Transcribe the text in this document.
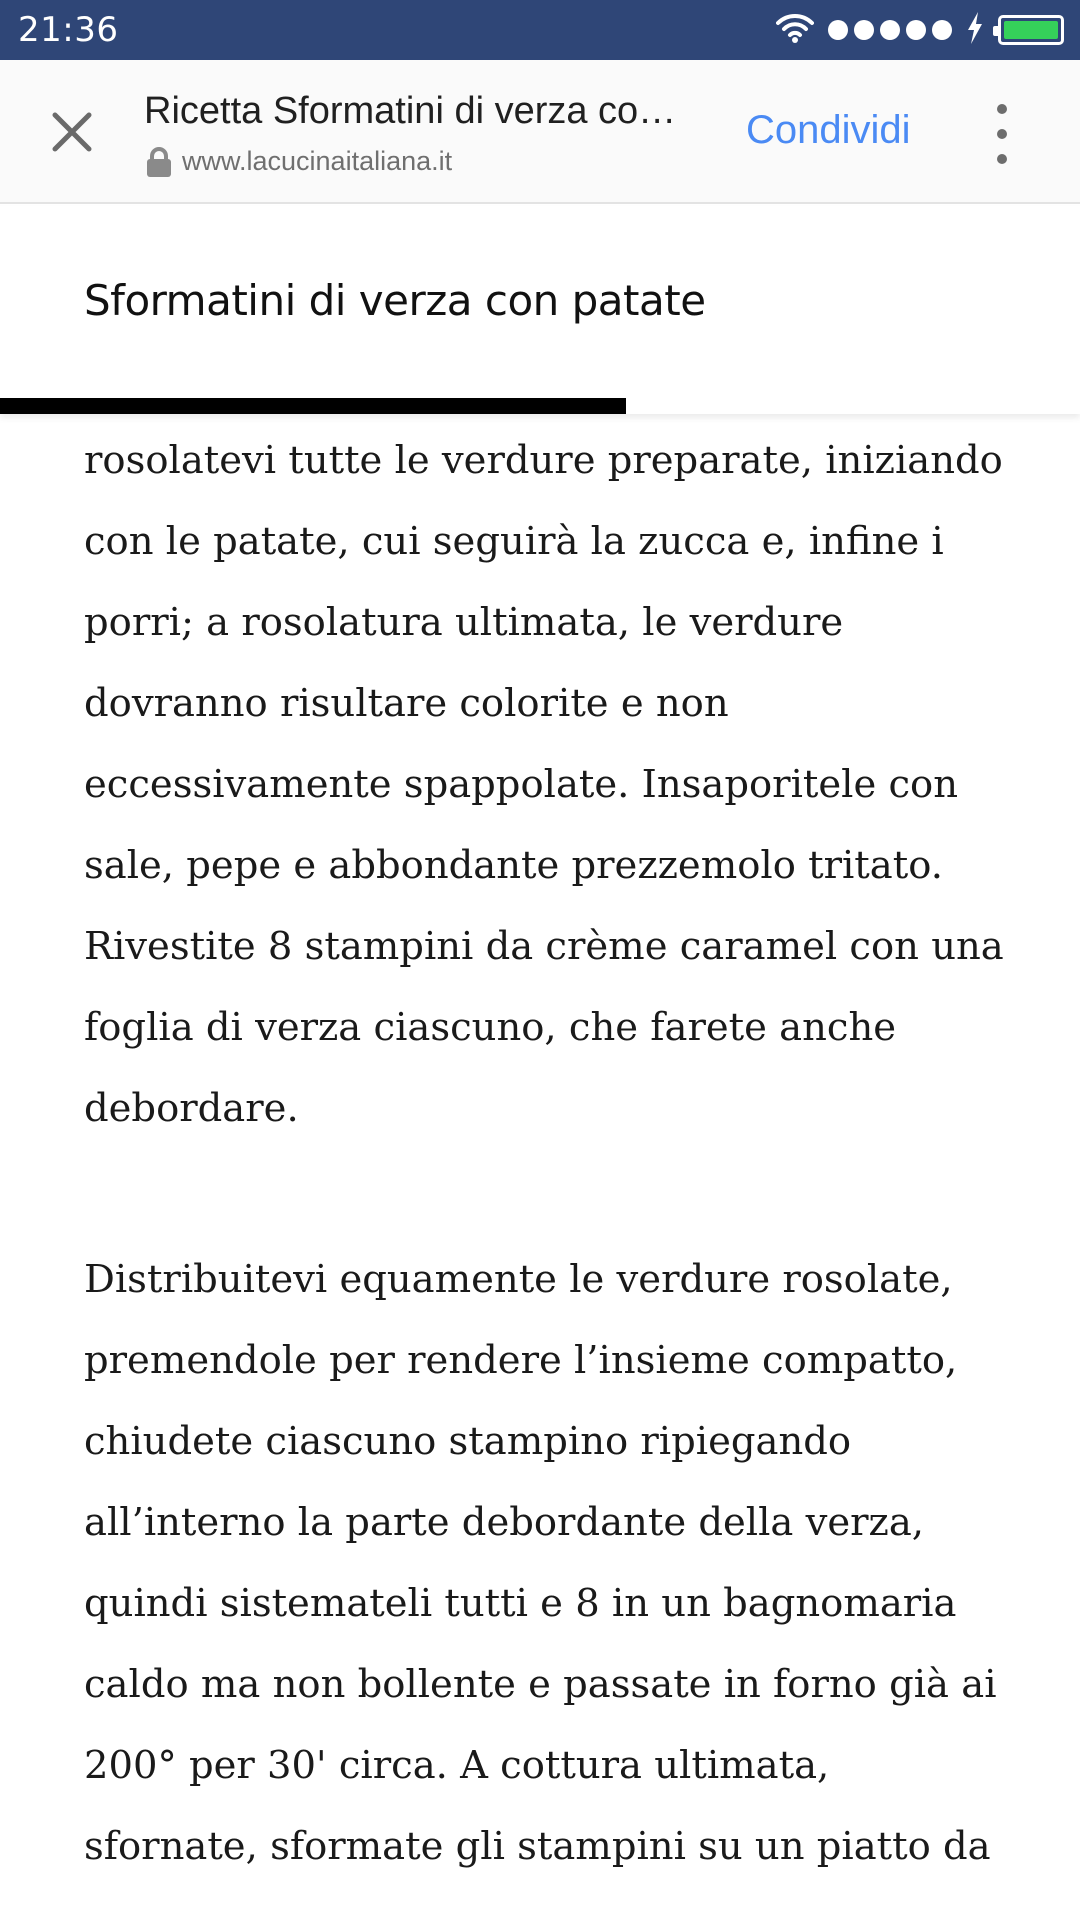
21:36
Ricetta Sformatini di verza co…
www.lacucinaitaliana.it
Condividi
Sformatini di verza con patate

rosolatevi tutte le verdure preparate, iniziando con le patate, cui seguirà la zucca e, infine i porri; a rosolatura ultimata, le verdure dovranno risultare colorite e non eccessivamente spappolate. Insaporitele con sale, pepe e abbondante prezzemolo tritato. Rivestite 8 stampini da crème caramel con una foglia di verza ciascuno, che farete anche debordare.

Distribuitevi equamente le verdure rosolate, premendole per rendere l’insieme compatto, chiudete ciascuno stampino ripiegando all’interno la parte debordante della verza, quindi sistemateli tutti e 8 in un bagnomaria caldo ma non bollente e passate in forno già ai 200° per 30' circa. A cottura ultimata, sfornate, sformate gli stampini su un piatto da
